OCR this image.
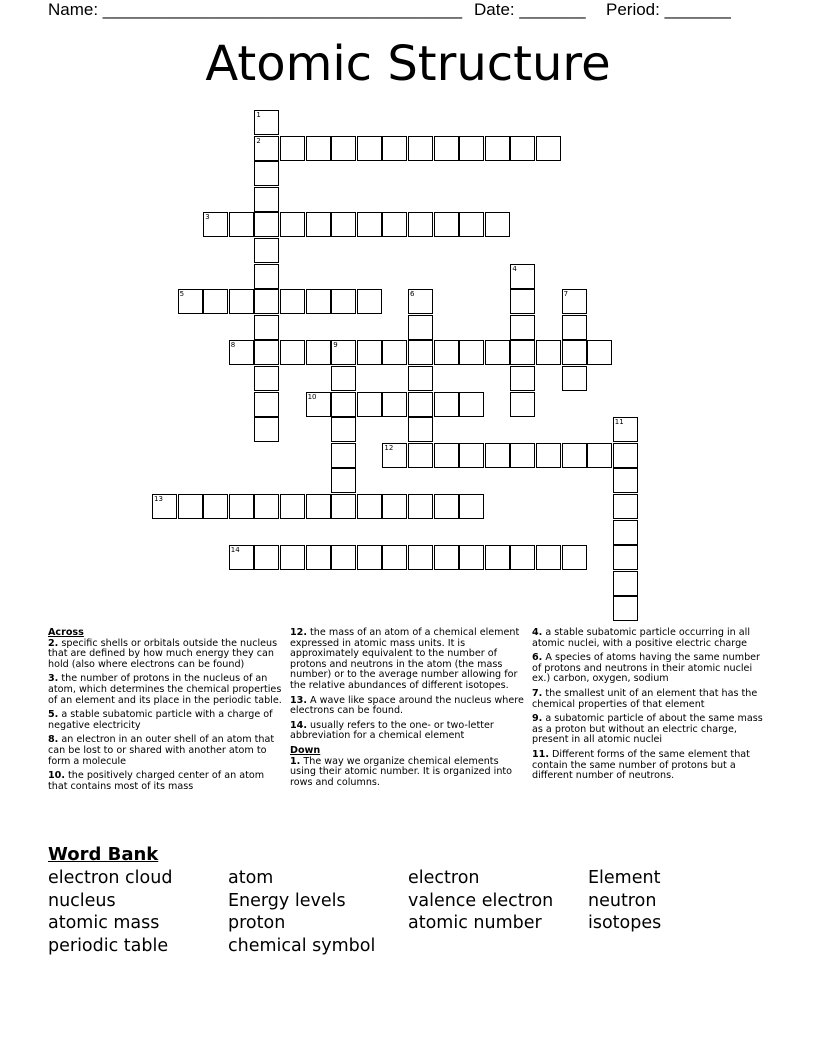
Name: ______________________________________ Date: _______ Period: _______
Atomic Structure
1
2
3
4
5	6	7
8	9
10
11
12
13
14
Across
2. specific shells or orbitals outside the nucleus that are defined by how much energy they can hold (also where electrons can be found)
3. the number of protons in the nucleus of an atom, which determines the chemical properties of an element and its place in the periodic table.
5. a stable subatomic particle with a charge of negative electricity
8. an electron in an outer shell of an atom that can be lost to or shared with another atom to form a molecule
10. the positively charged center of an atom that contains most of its mass
12. the mass of an atom of a chemical element expressed in atomic mass units. It is approximately equivalent to the number of protons and neutrons in the atom (the mass number) or to the average number allowing for the relative abundances of different isotopes.
13. A wave like space around the nucleus where electrons can be found.
14. usually refers to the one- or two-letter abbreviation for a chemical element
Down
1. The way we organize chemical elements using their atomic number. It is organized into rows and columns.
4. a stable subatomic particle occurring in all atomic nuclei, with a positive electric charge
6. A species of atoms having the same number of protons and neutrons in their atomic nuclei ex.) carbon, oxygen, sodium
7. the smallest unit of an element that has the chemical properties of that element
9. a subatomic particle of about the same mass as a proton but without an electric charge, present in all atomic nuclei
11. Different forms of the same element that contain the same number of protons but a different number of neutrons.
Word Bank
electron cloud	atom	electron	Element
nucleus	Energy levels	valence electron	neutron
atomic mass	proton	atomic number	isotopes
periodic table	chemical symbol
